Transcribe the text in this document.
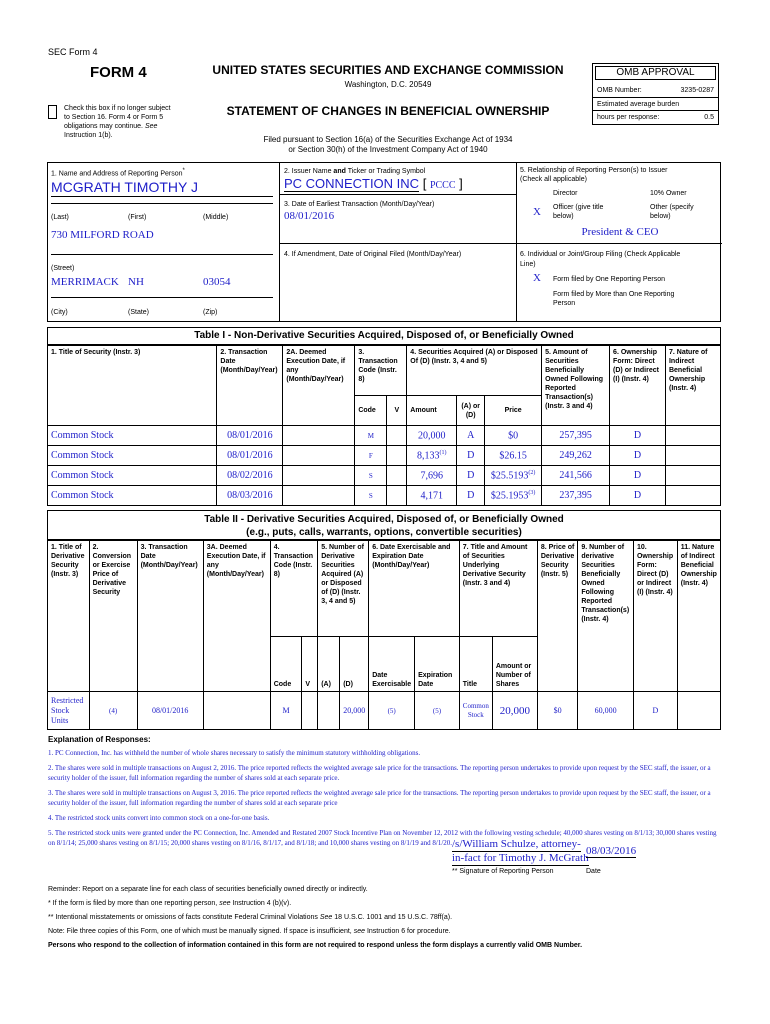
SEC Form 4
FORM 4	UNITED STATES SECURITIES AND EXCHANGE COMMISSION
Washington, D.C. 20549
Check this box if no longer subject
to Section 16. Form 4 or Form 5
obligations may continue. See
Instruction 1(b).
STATEMENT OF CHANGES IN BENEFICIAL OWNERSHIP
Filed pursuant to Section 16(a) of the Securities Exchange Act of 1934
or Section 30(h) of the Investment Company Act of 1940
OMB APPROVAL
OMB Number:	3235-0287
Estimated average burden
hours per response:	0.5
1. Name and Address of Reporting Person*
MCGRATH TIMOTHY J
(Last)	(First)	(Middle)
730 MILFORD ROAD
(Street)
MERRIMACK NH	03054
(City)	(State)	(Zip)
2. Issuer Name and Ticker or Trading Symbol
PC CONNECTION INC [ PCCC ]
3. Date of Earliest Transaction (Month/Day/Year)
08/01/2016
4. If Amendment, Date of Original Filed (Month/Day/Year)
5. Relationship of Reporting Person(s) to Issuer
(Check all applicable)
Director	10% Owner
X Officer (give title
below)
Other (specify
below)
President & CEO
6. Individual or Joint/Group Filing (Check Applicable
Line)
X Form filed by One Reporting Person
Form filed by More than One Reporting
Person
Table I - Non-Derivative Securities Acquired, Disposed of, or Beneficially Owned
1. Title of Security (Instr. 3)	2. Transaction Date (Month/Day/Year)	2A. Deemed Execution Date, if any (Month/Day/Year)	3. Transaction Code (Instr. 8)		4. Securities Acquired (A) or Disposed Of (D) (Instr. 3, 4 and 5)			5. Amount of Securities Beneficially Owned Following Reported Transaction(s) (Instr. 3 and 4)	6. Ownership Form: Direct (D) or Indirect (I) (Instr. 4)	7. Nature of Indirect Beneficial Ownership (Instr. 4)
			Code	V	Amount	(A) or (D)	Price			
Common Stock	08/01/2016		M		20,000	A	$0	257,395	D	
Common Stock	08/01/2016		F		8,133$^{(1)}$	D	$26.15	249,262	D	
Common Stock	08/02/2016		S		7,696	D	$25.5193$^{(2)}$	241,566	D	
Common Stock	08/03/2016		S		4,171	D	$25.1953$^{(3)}$	237,395	D	
Table II - Derivative Securities Acquired, Disposed of, or Beneficially Owned
(e.g., puts, calls, warrants, options, convertible securities)
1. Title of Derivative Security (Instr. 3)	2. Conversion or Exercise Price of Derivative Security	3. Transaction Date (Month/Day/Year)	3A. Deemed Execution Date, if any (Month/Day/Year)	4. Transaction Code (Instr. 8)		5. Number of Derivative Securities Acquired (A) or Disposed of (D) (Instr. 3, 4 and 5)		6. Date Exercisable and Expiration Date (Month/Day/Year)		7. Title and Amount of Securities Underlying Derivative Security (Instr. 3 and 4)		8. Price of Derivative Security (Instr. 5)	9. Number of derivative Securities Beneficially Owned Following Reported Transaction(s) (Instr. 4)	10. Ownership Form: Direct (D) or Indirect (I) (Instr. 4)	11. Nature of Indirect Beneficial Ownership (Instr. 4)
				Code	V	(A)	(D)	Date Exercisable	Expiration Date	Title	Amount or Number of Shares				
Restricted Stock Units	(4)	08/01/2016		M			20,000	(5)	(5)	Common Stock	20,000	$0	60,000	D	
Explanation of Responses:
1. PC Connection, Inc. has withheld the number of whole shares necessary to satisfy the minimum statutory withholding obligations.
2. The shares were sold in multiple transactions on August 2, 2016. The price reported reflects the weighted average sale price for the transactions. The reporting person undertakes to provide upon request by the SEC staff, the issuer, or a security holder of the issuer, full information regarding the number of shares sold at each separate price.
3. The shares were sold in multiple transactions on August 3, 2016. The price reported reflects the weighted average sale price for the transactions. The reporting person undertakes to provide upon request by the SEC staff, the issuer, or a security holder of the issuer, full information regarding the number of shares sold at each separate price
4. The restricted stock units convert into common stock on a one-for-one basis.
5. The restricted stock units were granted under the PC Connection, Inc. Amended and Restated 2007 Stock Incentive Plan on November 12, 2012 with the following vesting schedule; 40,000 shares vesting on 8/1/13; 30,000 shares vesting on 8/1/14; 25,000 shares vesting on 8/1/15; 20,000 shares vesting on 8/1/16, 8/1/17, and 8/1/18; and 10,000 shares vesting on 8/1/19 and 8/1/20. /s/William Schulze, attorney-
in-fact for Timothy J. McGrath
08/03/2016
** Signature of Reporting Person	Date
Reminder: Report on a separate line for each class of securities beneficially owned directly or indirectly.
* If the form is filed by more than one reporting person, see Instruction 4 (b)(v).
** Intentional misstatements or omissions of facts constitute Federal Criminal Violations See 18 U.S.C. 1001 and 15 U.S.C. 78ff(a).
Note: File three copies of this Form, one of which must be manually signed. If space is insufficient, see Instruction 6 for procedure.
Persons who respond to the collection of information contained in this form are not required to respond unless the form displays a currently valid OMB Number.
